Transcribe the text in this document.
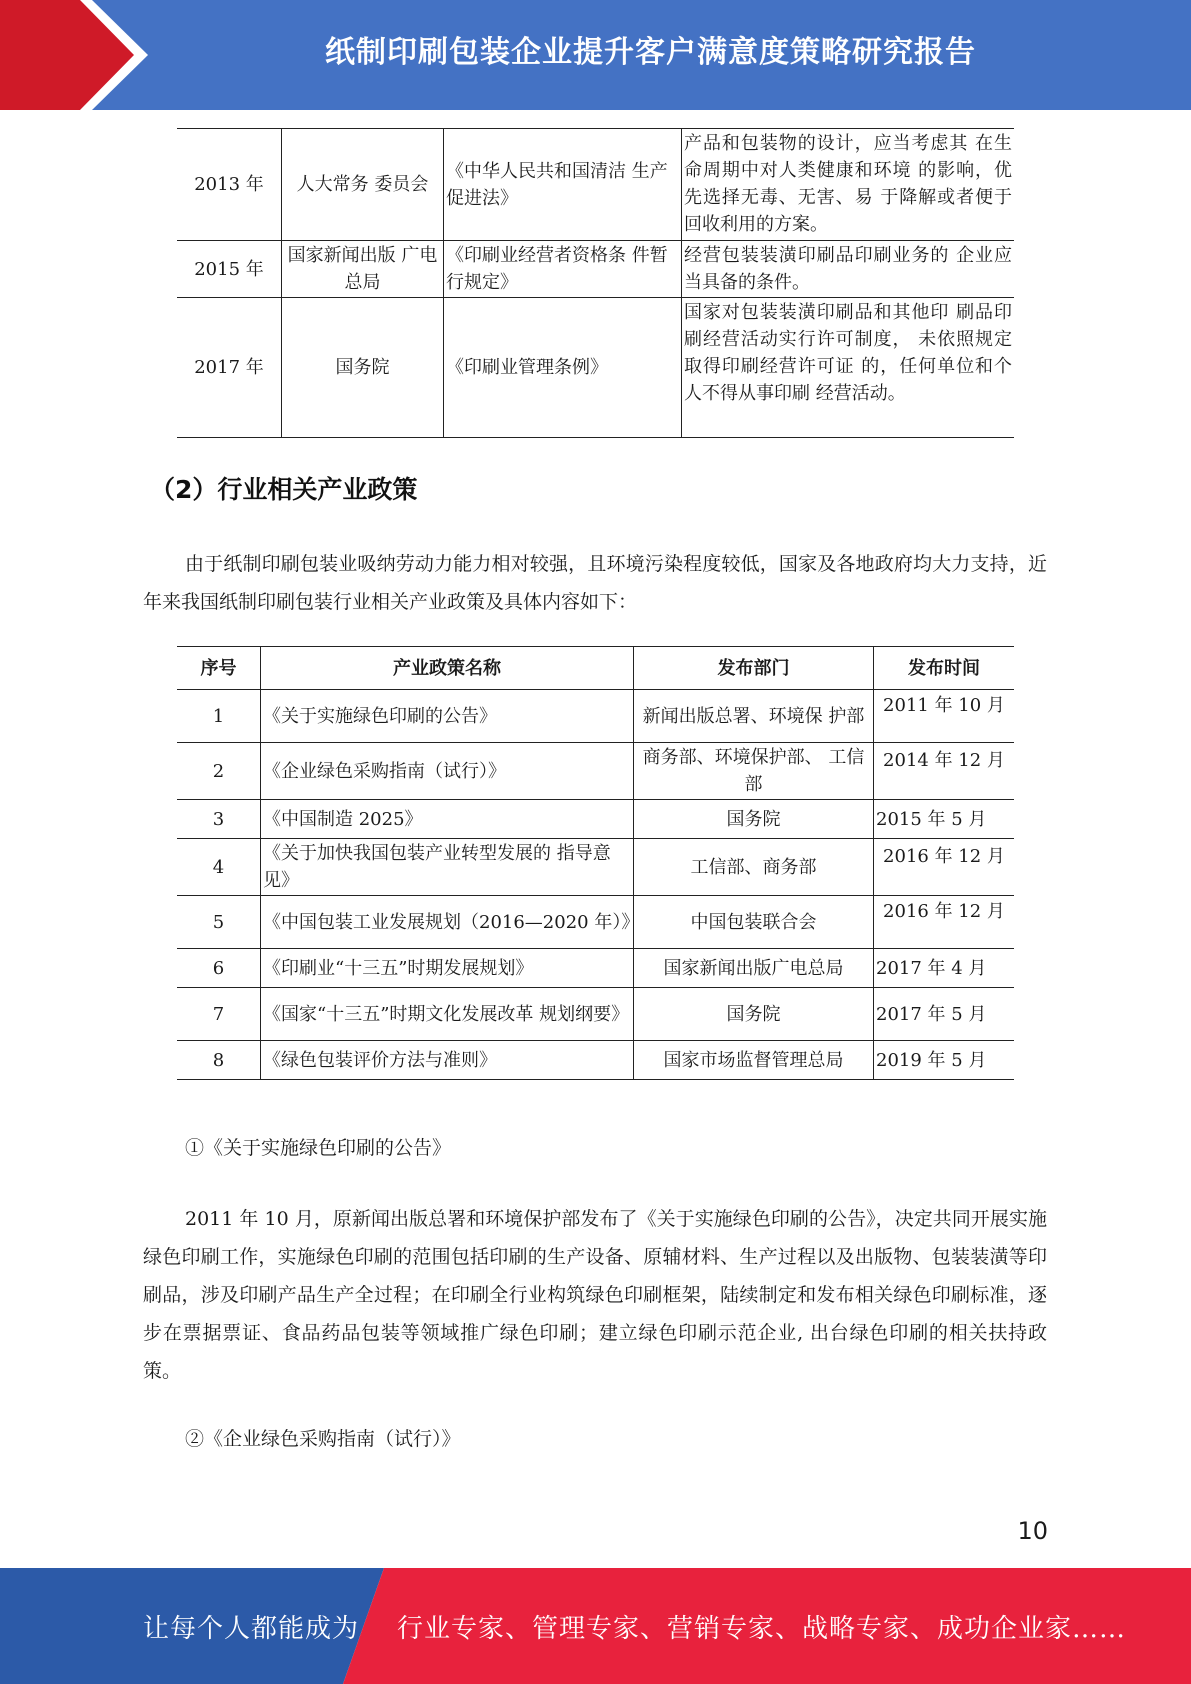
纸制印刷包装企业提升客户满意度策略研究报告
2013 年	人大常务 委员会	《中华人民共和国清洁 生产促进法》	产品和包装物的设计，应当考虑其 在生命周期中对人类健康和环境 的影响，优先选择无毒、无害、易 于降解或者便于回收利用的方案。
2015 年	国家新闻出版 广电总局	《印刷业经营者资格条 件暂行规定》	经营包装装潢印刷品印刷业务的 企业应当具备的条件。
2017 年	国务院	《印刷业管理条例》	国家对包装装潢印刷品和其他印 刷品印刷经营活动实行许可制度， 未依照规定取得印刷经营许可证 的，任何单位和个人不得从事印刷 经营活动。
（2）行业相关产业政策
由于纸制印刷包装业吸纳劳动力能力相对较强，且环境污染程度较低，国家及各地政府均大力支持，近年来我国纸制印刷包装行业相关产业政策及具体内容如下：
序号	产业政策名称	发布部门	发布时间
1	《关于实施绿色印刷的公告》	新闻出版总署、环境保 护部	2011 年 10 月

2	《企业绿色采购指南（试行）》	商务部、环境保护部、 工信部	2014 年 12 月

3	《中国制造 2025》	国务院	2015 年 5 月
4	《关于加快我国包装产业转型发展的 指导意见》	工信部、商务部	2016 年 12 月

5	《中国包装工业发展规划（2016—2020 年）》	中国包装联合会	2016 年 12 月

6	《印刷业“十三五”时期发展规划》	国家新闻出版广电总局	2017 年 4 月
7	《国家“十三五”时期文化发展改革 规划纲要》	国务院	2017 年 5 月
8	《绿色包装评价方法与准则》	国家市场监督管理总局	2019 年 5 月
①《关于实施绿色印刷的公告》
2011 年 10 月，原新闻出版总署和环境保护部发布了《关于实施绿色印刷的公告》，决定共同开展实施绿色印刷工作，实施绿色印刷的范围包括印刷的生产设备、原辅材料、生产过程以及出版物、包装装潢等印刷品，涉及印刷产品生产全过程；在印刷全行业构筑绿色印刷框架，陆续制定和发布相关绿色印刷标准，逐步在票据票证、食品药品包装等领域推广绿色印刷；建立绿色印刷示范企业, 出台绿色印刷的相关扶持政策。
②《企业绿色采购指南（试行）》
10
让每个人都能成为 行业专家、管理专家、营销专家、战略专家、成功企业家……
